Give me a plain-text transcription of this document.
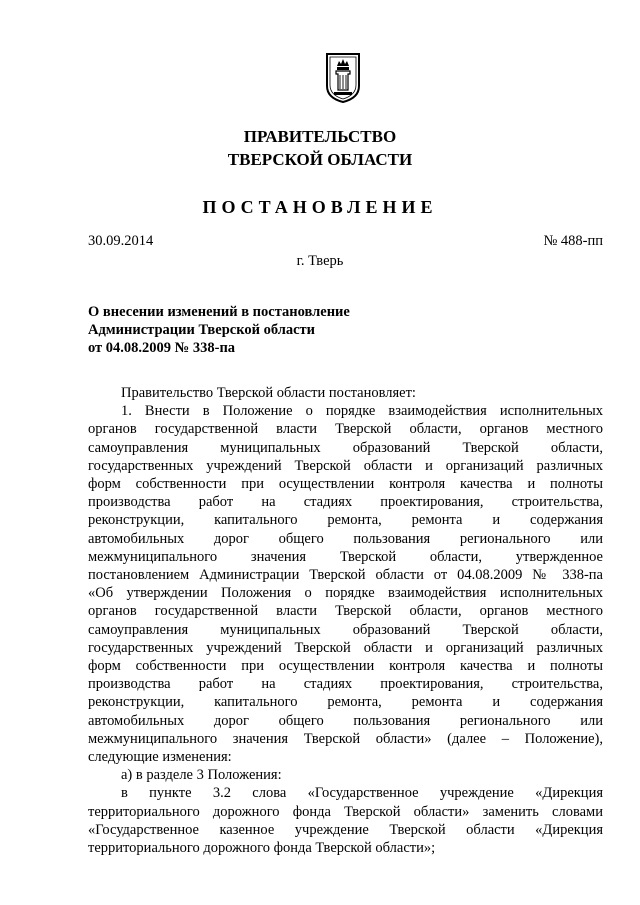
ПРАВИТЕЛЬСТВО
ТВЕРСКОЙ ОБЛАСТИ
ПОСТАНОВЛЕНИЕ
30.09.2014	№ 488-пп
г. Тверь
О внесении изменений в постановление
Администрации Тверской области
от 04.08.2009 № 338-па
Правительство Тверской области постановляет:
1. Внести в Положение о порядке взаимодействия исполнительных
органов государственной власти Тверской области, органов местного
самоуправления муниципальных образований Тверской области,
государственных учреждений Тверской области и организаций различных
форм собственности при осуществлении контроля качества и полноты
производства работ на стадиях проектирования, строительства,
реконструкции, капитального ремонта, ремонта и содержания
автомобильных дорог общего пользования регионального или
межмуниципального значения Тверской области, утвержденное
постановлением Администрации Тверской области от 04.08.2009 № 338-па
«Об утверждении Положения о порядке взаимодействия исполнительных
органов государственной власти Тверской области, органов местного
самоуправления муниципальных образований Тверской области,
государственных учреждений Тверской области и организаций различных
форм собственности при осуществлении контроля качества и полноты
производства работ на стадиях проектирования, строительства,
реконструкции, капитального ремонта, ремонта и содержания
автомобильных дорог общего пользования регионального или
межмуниципального значения Тверской области» (далее – Положение),
следующие изменения:
а) в разделе 3 Положения:
в пункте 3.2 слова «Государственное учреждение «Дирекция
территориального дорожного фонда Тверской области» заменить словами
«Государственное казенное учреждение Тверской области «Дирекция
территориального дорожного фонда Тверской области»;
